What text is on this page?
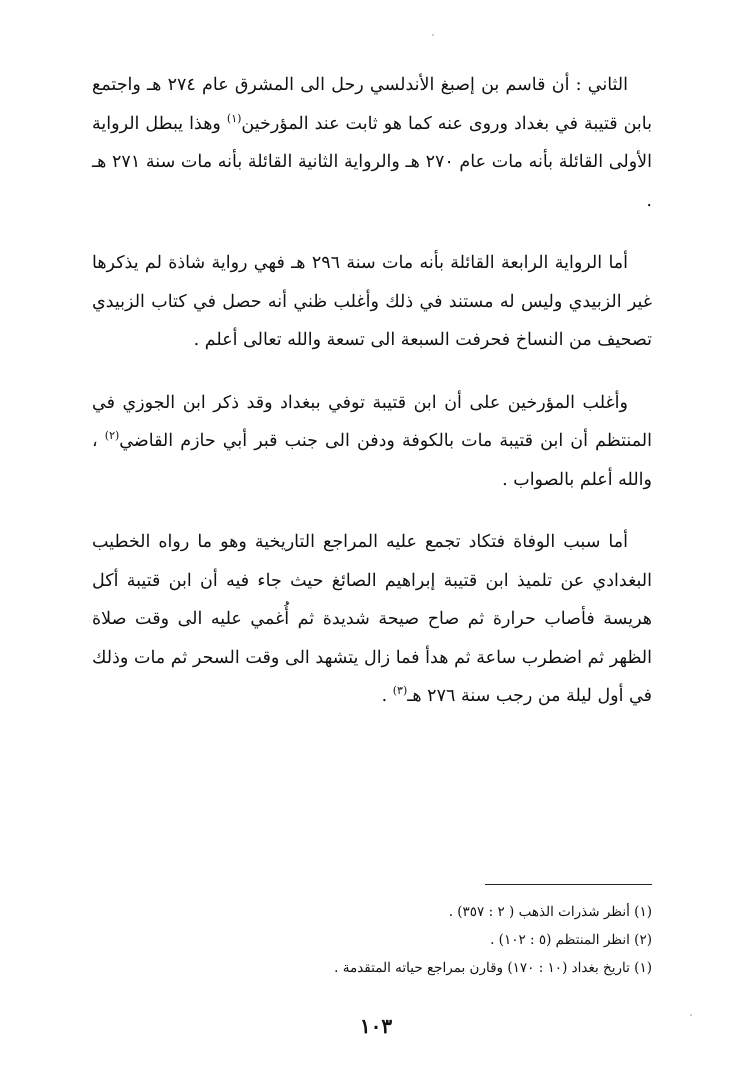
الثاني : أن قاسم بن إصبغ الأندلسي رحل الى المشرق عام ٢٧٤ هـ واجتمع بابن قتيبة في بغداد وروى عنه كما هو ثابت عند المؤرخين$^{(١)}$ وهذا يبطل الرواية الأولى القائلة بأنه مات عام ٢٧٠ هـ والرواية الثانية القائلة بأنه مات سنة ٢٧١ هـ .

أما الرواية الرابعة القائلة بأنه مات سنة ٢٩٦ هـ فهي رواية شاذة لم يذكرها غير الزبيدي وليس له مستند في ذلك وأغلب ظني أنه حصل في كتاب الزبيدي تصحيف من النساخ فحرفت السبعة الى تسعة والله تعالى أعلم .

وأغلب المؤرخين على أن ابن قتيبة توفي ببغداد وقد ذكر ابن الجوزي في المنتظم أن ابن قتيبة مات بالكوفة ودفن الى جنب قبر أبي حازم القاضي$^{(٢)}$ ، والله أعلم بالصواب .

أما سبب الوفاة فتكاد تجمع عليه المراجع التاريخية وهو ما رواه الخطيب البغدادي عن تلميذ ابن قتيبة إبراهيم الصائغ حيث جاء فيه أن ابن قتيبة أكل هريسة فأصاب حرارة ثم صاح صيحة شديدة ثم أُغمي عليه الى وقت صلاة الظهر ثم اضطرب ساعة ثم هدأ فما زال يتشهد الى وقت السحر ثم مات وذلك في أول ليلة من رجب سنة ٢٧٦ هـ$^{(٣)}$ .

(١) أنظر شذرات الذهب ( ٢ : ٣٥٧) .

(٢) انظر المنتظم (٥ : ١٠٢) .

(١) تاريخ بغداد (١٠ : ١٧٠) وقارن بمراجع حياته المتقدمة .

١٠٣
